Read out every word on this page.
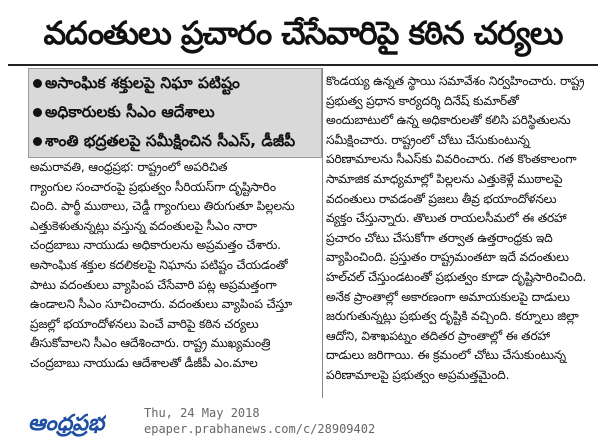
వదంతులు ప్రచారం చేసేవారిపై కఠిన చర్యలు
అసాంఘిక శక్తులపై నిఘా పటిష్టం
అధికారులకు సీఎం ఆదేశాలు
శాంతి భద్రతలపై సమీక్షించిన సీఎస్‌, డీజీపీ
అమరావతి, ఆంధ్రప్రభ: రాష్ట్రంలో అపరిచిత
గ్యాంగుల సంచారంపై ప్రభుత్వం సీరియస్‌గా దృష్టిసారిం
చింది. పార్థీ ముఠాలు, చెడ్డీ గ్యాంగులు తిరుగుతూ పిల్లలను
ఎత్తుకెళుతున్నట్లు వస్తున్న వదంతులపై సీఎం నారా
చంద్రబాబు నాయుడు అధికారులను అప్రమత్తం చేశారు.
అసాంఘిక శక్తుల కదలికలపై నిఘాను పటిష్టం చేయడంతో
పాటు వదంతులు వ్యాపింప చేసేవారి పట్ల అప్రమత్తంగా
ఉండాలని సీఎం సూచించారు. వదంతులు వ్యాపింప చేస్తూ
ప్రజల్లో భయాందోళనలు పెంచే వారిపై కఠిన చర్యలు
తీసుకోవాలని సీఎం ఆదేశించారు. రాష్ట్ర ముఖ్యమంత్రి
చంద్రబాబు నాయుడు ఆదేశాలతో డీజీపీ ఎం.మాల
కొండయ్య ఉన్నత స్థాయి సమావేశం నిర్వహించారు. రాష్ట్ర
ప్రభుత్వ ప్రధాన కార్యదర్శి దినేష్‌ కుమార్‌తో
అందుబాటులో ఉన్న అధికారులతో కలిసి పరిస్థితులను
సమీక్షించారు. రాష్ట్రంలో చోటు చేసుకుంటున్న
పరిణామాలను సీఎస్‌కు వివరించారు. గత కొంతకాలంగా
సామాజిక మాధ్యమాల్లో పిల్లలను ఎత్తుకెళ్లే ముఠాలపై
వదంతులు రావడంతో ప్రజలు తీవ్ర భయాందోళనలు
వ్యక్తం చేస్తున్నారు. తొలుత రాయలసీమలో ఈ తరహా
ప్రచారం చోటు చేసుకోగా తర్వాత ఉత్తరాంధ్రకు ఇది
వ్యాపించింది. ప్రస్తుతం రాష్ట్రమంతటా ఇదే వదంతులు
హల్‌చల్‌ చేస్తుండటంతో ప్రభుత్వం కూడా దృష్టిసారించింది.
అనేక ప్రాంతాల్లో అకారణంగా అమాయకులపై దాడులు
జరుగుతున్నట్లు ప్రభుత్వ దృష్టికి వచ్చింది. కర్నూలు జిల్లా
ఆదోని, విశాఖపట్నం తదితర ప్రాంతాల్లో ఈ తరహా
దాడులు జరిగాయి. ఈ క్రమంలో చోటు చేసుకుంటున్న
పరిణామాలపై ప్రభుత్వం అప్రమత్తమైంది.
ఆంధ్రప్రభ	Thu, 24 May 2018
epaper.prabhanews.com/c/28909402
